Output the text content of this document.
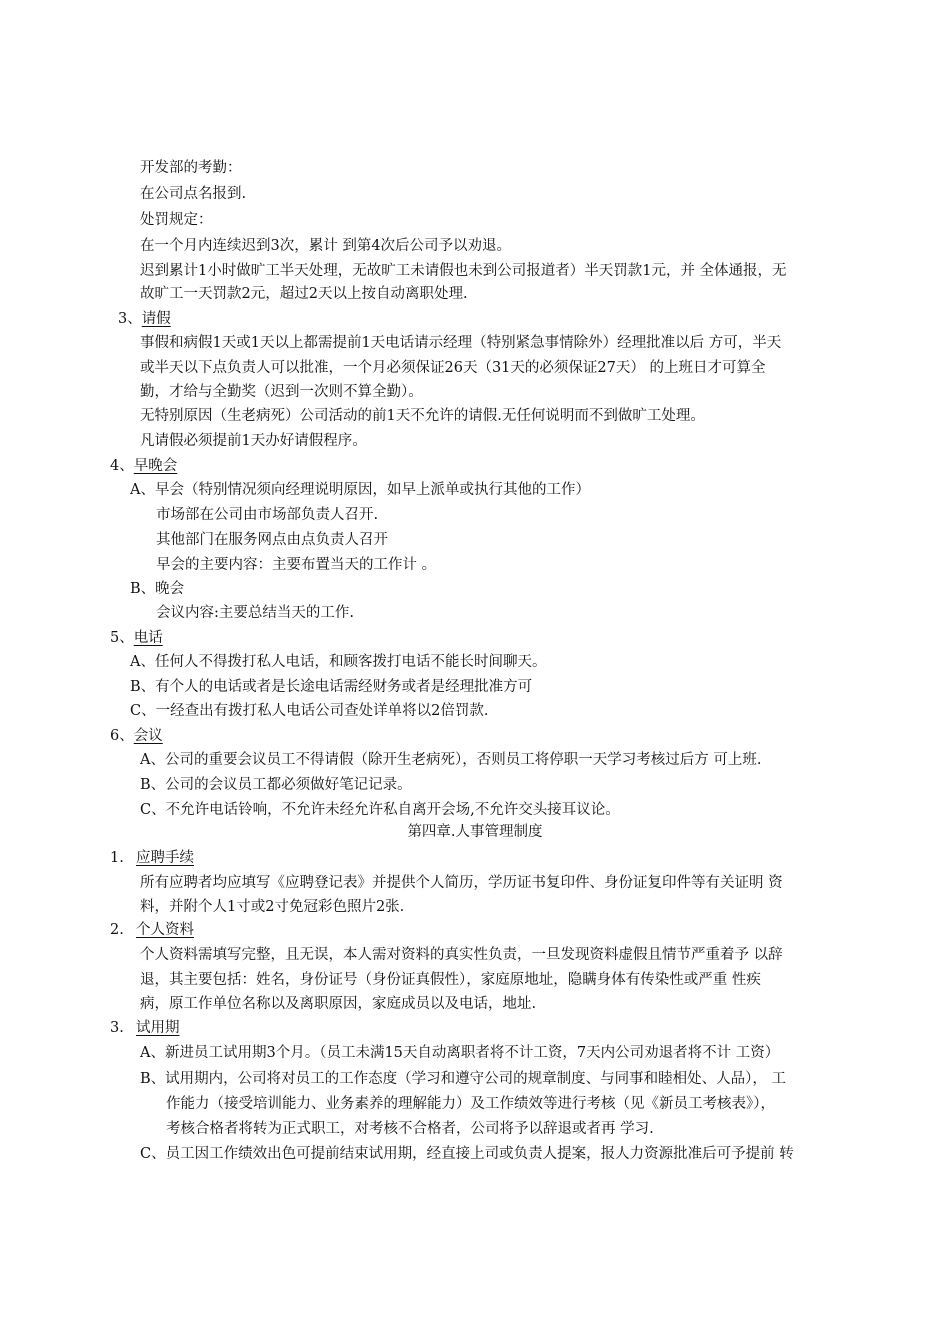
开发部的考勤：
在公司点名报到.
处罚规定：
在一个月内连续迟到3次，累计 到第4次后公司予以劝退。
迟到累计1小时做旷工半天处理，无故旷工未请假也未到公司报道者）半天罚款1元，并 全体通报，无
故旷工一天罚款2元，超过2天以上按自动离职处理.
3、请假
事假和病假1天或1天以上都需提前1天电话请示经理（特别紧急事情除外）经理批准以后 方可，半天
或半天以下点负责人可以批准，一个月必须保证26天（31天的必须保证27天） 的上班日才可算全
勤，才给与全勤奖（迟到一次则不算全勤）。
无特别原因（生老病死）公司活动的前1天不允许的请假.无任何说明而不到做旷工处理。
凡请假必须提前1天办好请假程序。
4、早晚会
A、早会（特别情况须向经理说明原因，如早上派单或执行其他的工作）
市场部在公司由市场部负责人召开.
其他部门在服务网点由点负责人召开
早会的主要内容：主要布置当天的工作计 。
B、晚会
会议内容:主要总结当天的工作.
5、电话
A、任何人不得拨打私人电话，和顾客拨打电话不能长时间聊天。
B、有个人的电话或者是长途电话需经财务或者是经理批准方可
C、一经查出有拨打私人电话公司查处详单将以2倍罚款.
6、会议
A、公司的重要会议员工不得请假（除开生老病死），否则员工将停职一天学习考核过后方 可上班.
B、公司的会议员工都必须做好笔记记录。
C、不允许电话铃响，不允许未经允许私自离开会场,不允许交头接耳议论。
第四章.人事管理制度
1. 应聘手续
所有应聘者均应填写《应聘登记表》并提供个人简历，学历证书复印件、身份证复印件等有关证明 资
料，并附个人1寸或2寸免冠彩色照片2张.
2. 个人资料
个人资料需填写完整，且无误，本人需对资料的真实性负责，一旦发现资料虚假且情节严重着予 以辞
退，其主要包括：姓名，身份证号（身份证真假性），家庭原地址，隐瞒身体有传染性或严重 性疾
病，原工作单位名称以及离职原因，家庭成员以及电话，地址.
3. 试用期
A、新进员工试用期3个月。（员工未满15天自动离职者将不计工资，7天内公司劝退者将不计 工资）
B、试用期内，公司将对员工的工作态度（学习和遵守公司的规章制度、与同事和睦相处、人品）， 工
作能力（接受培训能力、业务素养的理解能力）及工作绩效等进行考核（见《新员工考核表》），
考核合格者将转为正式职工，对考核不合格者，公司将予以辞退或者再 学习.
C、员工因工作绩效出色可提前结束试用期，经直接上司或负责人提案，报人力资源批准后可予提前 转
